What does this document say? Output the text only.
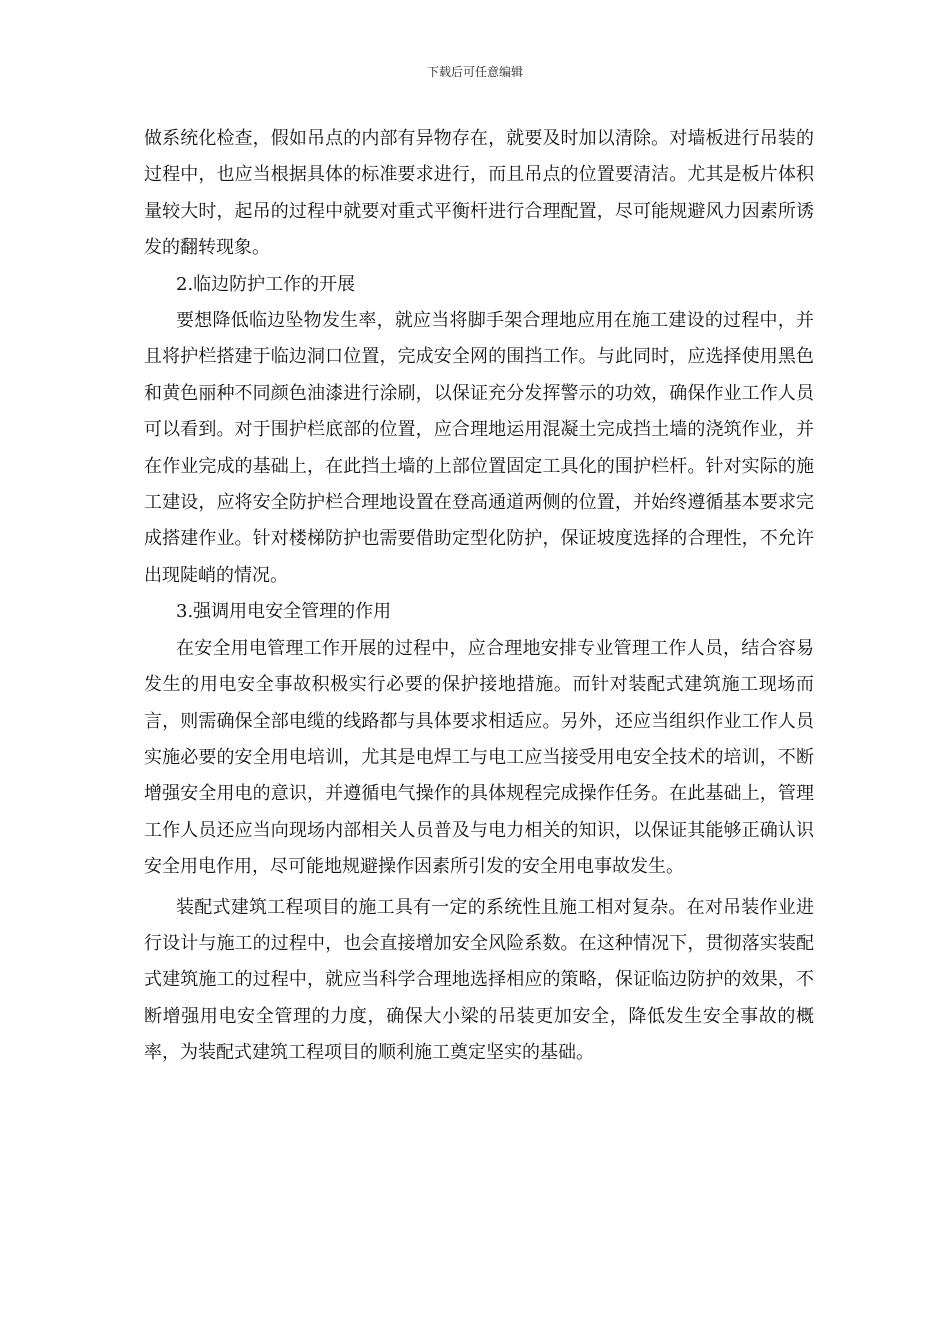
下载后可任意编辑

做系统化检查，假如吊点的内部有异物存在，就要及时加以清除。对墙板进行吊装的过程中，也应当根据具体的标准要求进行，而且吊点的位置要清洁。尤其是板片体积量较大时，起吊的过程中就要对重式平衡杆进行合理配置，尽可能规避风力因素所诱发的翻转现象。

2.临边防护工作的开展

要想降低临边坠物发生率，就应当将脚手架合理地应用在施工建设的过程中，并且将护栏搭建于临边洞口位置，完成安全网的围挡工作。与此同时，应选择使用黑色和黄色丽种不同颜色油漆进行涂刷，以保证充分发挥警示的功效，确保作业工作人员可以看到。对于围护栏底部的位置，应合理地运用混凝土完成挡土墙的浇筑作业，并在作业完成的基础上，在此挡土墙的上部位置固定工具化的围护栏杆。针对实际的施工建设，应将安全防护栏合理地设置在登高通道两侧的位置，并始终遵循基本要求完成搭建作业。针对楼梯防护也需要借助定型化防护，保证坡度选择的合理性，不允许出现陡峭的情况。

3.强调用电安全管理的作用

在安全用电管理工作开展的过程中，应合理地安排专业管理工作人员，结合容易发生的用电安全事故积极实行必要的保护接地措施。而针对装配式建筑施工现场而言，则需确保全部电缆的线路都与具体要求相适应。另外，还应当组织作业工作人员实施必要的安全用电培训，尤其是电焊工与电工应当接受用电安全技术的培训，不断增强安全用电的意识，并遵循电气操作的具体规程完成操作任务。在此基础上，管理工作人员还应当向现场内部相关人员普及与电力相关的知识，以保证其能够正确认识安全用电作用，尽可能地规避操作因素所引发的安全用电事故发生。

装配式建筑工程项目的施工具有一定的系统性且施工相对复杂。在对吊装作业进行设计与施工的过程中，也会直接增加安全风险系数。在这种情况下，贯彻落实装配式建筑施工的过程中，就应当科学合理地选择相应的策略，保证临边防护的效果，不断增强用电安全管理的力度，确保大小梁的吊装更加安全，降低发生安全事故的概率，为装配式建筑工程项目的顺利施工奠定坚实的基础。
